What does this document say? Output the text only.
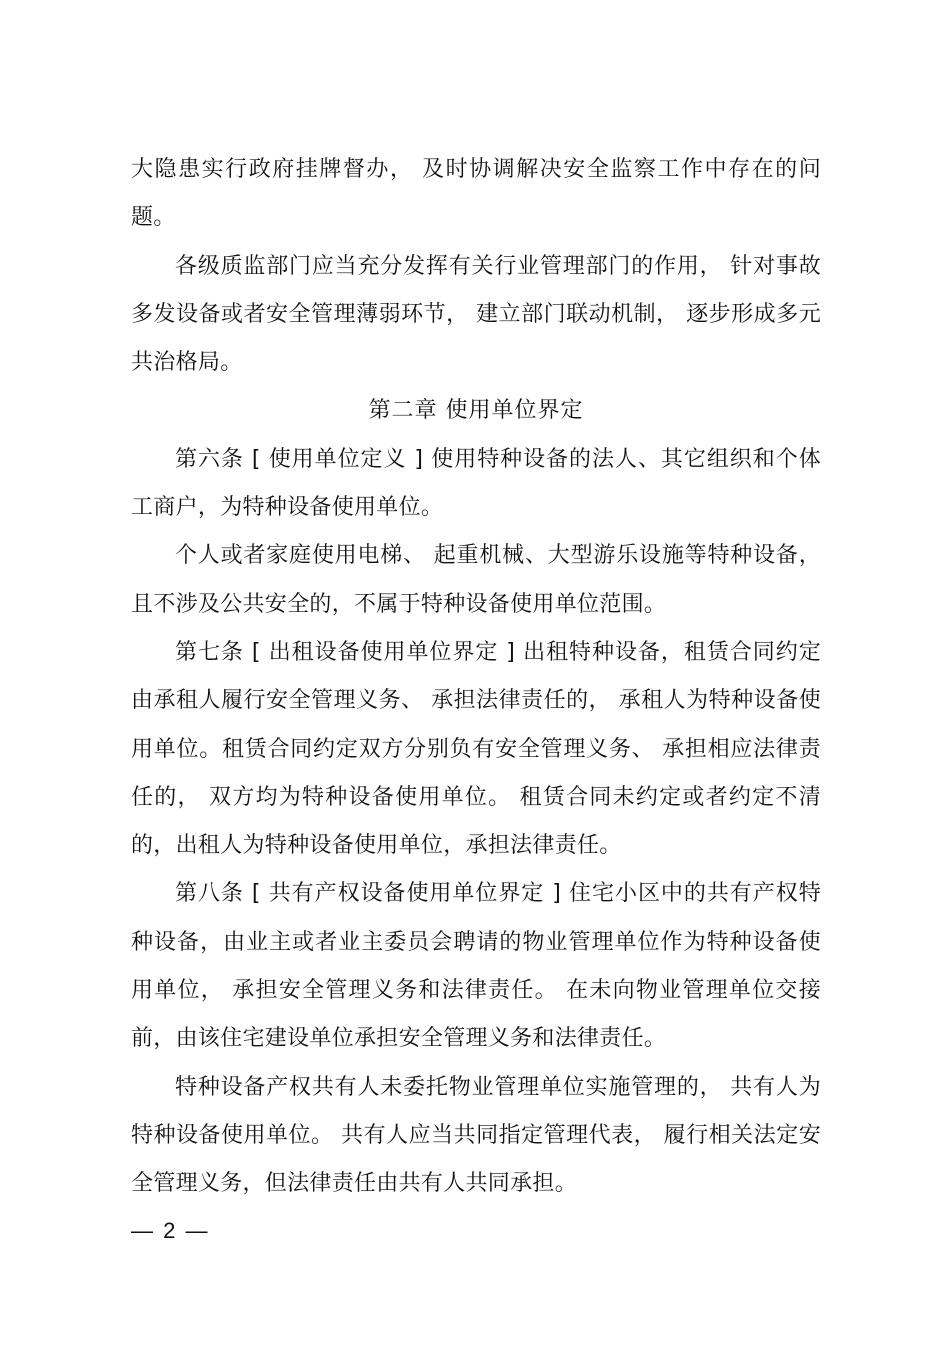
大隐患实行政府挂牌督办， 及时协调解决安全监察工作中存在的问题。

各级质监部门应当充分发挥有关行业管理部门的作用， 针对事故多发设备或者安全管理薄弱环节， 建立部门联动机制， 逐步形成多元共治格局。

第二章 使用单位界定

第六条 [ 使用单位定义 ] 使用特种设备的法人、其它组织和个体工商户，为特种设备使用单位。

个人或者家庭使用电梯、 起重机械、大型游乐设施等特种设备，且不涉及公共安全的，不属于特种设备使用单位范围。

第七条 [ 出租设备使用单位界定 ] 出租特种设备，租赁合同约定由承租人履行安全管理义务、 承担法律责任的， 承租人为特种设备使用单位。租赁合同约定双方分别负有安全管理义务、 承担相应法律责任的， 双方均为特种设备使用单位。 租赁合同未约定或者约定不清的，出租人为特种设备使用单位，承担法律责任。

第八条 [ 共有产权设备使用单位界定 ] 住宅小区中的共有产权特种设备，由业主或者业主委员会聘请的物业管理单位作为特种设备使用单位， 承担安全管理义务和法律责任。 在未向物业管理单位交接前，由该住宅建设单位承担安全管理义务和法律责任。

特种设备产权共有人未委托物业管理单位实施管理的， 共有人为特种设备使用单位。 共有人应当共同指定管理代表， 履行相关法定安全管理义务，但法律责任由共有人共同承担。

— 2 —
